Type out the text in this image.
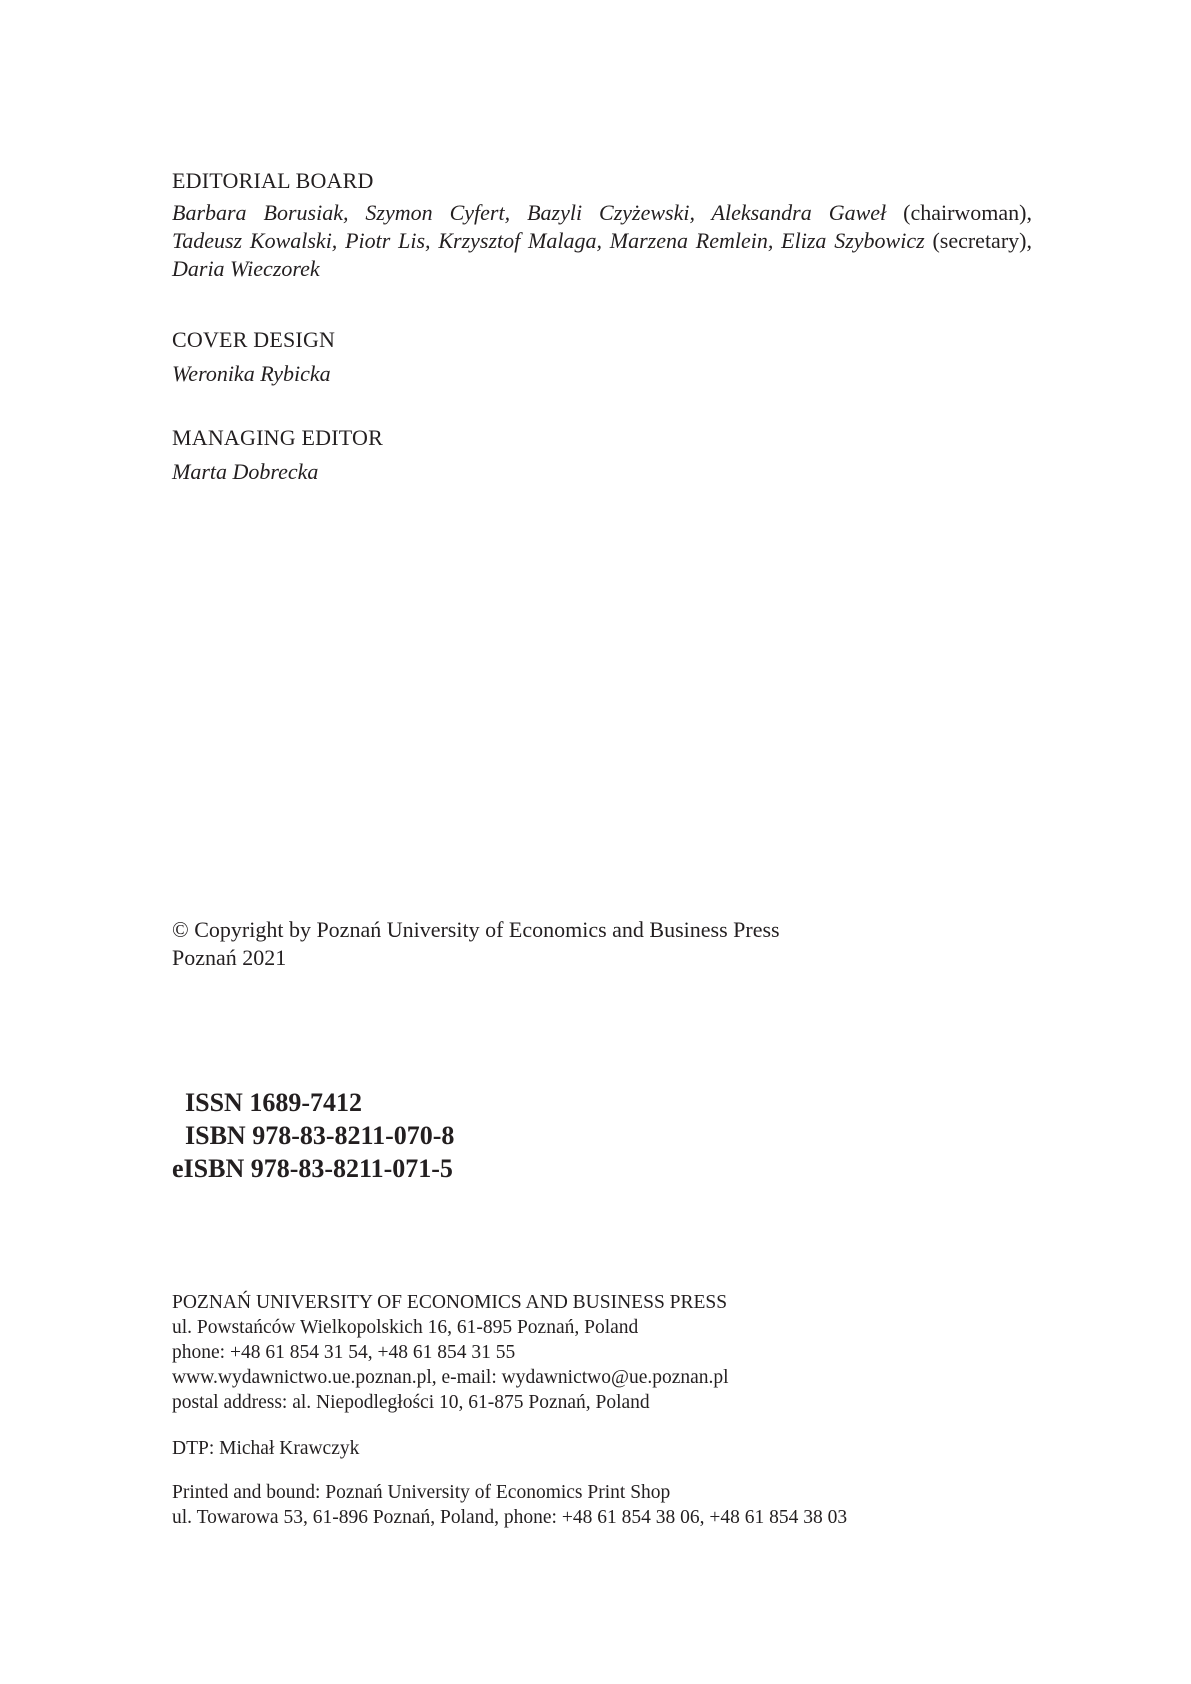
EDITORIAL BOARD
Barbara Borusiak, Szymon Cyfert, Bazyli Czyżewski, Aleksandra Gaweł (chairwoman),
Tadeusz Kowalski, Piotr Lis, Krzysztof Malaga, Marzena Remlein, Eliza Szybowicz (secretary),
Daria Wieczorek
COVER DESIGN
Weronika Rybicka
MANAGING EDITOR
Marta Dobrecka
© Copyright by Poznań University of Economics and Business Press
Poznań 2021
ISSN 1689-7412
ISBN 978-83-8211-070-8
eISBN 978-83-8211-071-5
POZNAŃ UNIVERSITY OF ECONOMICS AND BUSINESS PRESS
ul. Powstańców Wielkopolskich 16, 61-895 Poznań, Poland
phone: +48 61 854 31 54, +48 61 854 31 55
www.wydawnictwo.ue.poznan.pl, e-mail: wydawnictwo@ue.poznan.pl
postal address: al. Niepodległości 10, 61-875 Poznań, Poland
DTP: Michał Krawczyk
Printed and bound: Poznań University of Economics Print Shop
ul. Towarowa 53, 61-896 Poznań, Poland, phone: +48 61 854 38 06, +48 61 854 38 03
